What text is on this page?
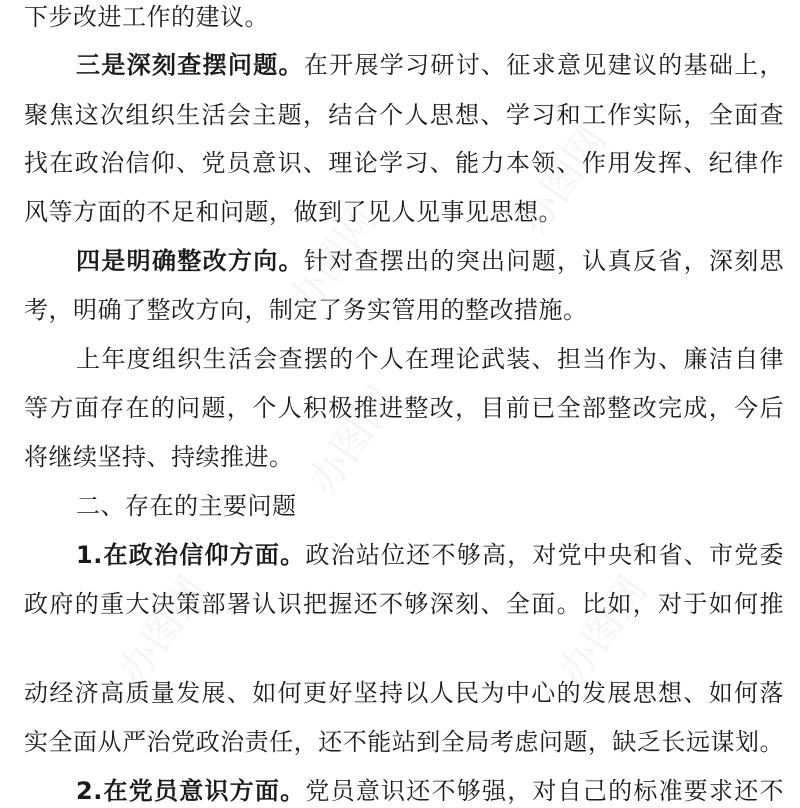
办图网
办图网
办图网
办图网
办图网
下步改进工作的建议。
三是深刻查摆问题。在开展学习研讨、征求意见建议的基础上，
聚焦这次组织生活会主题，结合个人思想、学习和工作实际，全面查
找在政治信仰、党员意识、理论学习、能力本领、作用发挥、纪律作
风等方面的不足和问题，做到了见人见事见思想。
四是明确整改方向。针对查摆出的突出问题，认真反省，深刻思
考，明确了整改方向，制定了务实管用的整改措施。
上年度组织生活会查摆的个人在理论武装、担当作为、廉洁自律
等方面存在的问题，个人积极推进整改，目前已全部整改完成，今后
将继续坚持、持续推进。
二、存在的主要问题
1.在政治信仰方面。政治站位还不够高，对党中央和省、市党委
政府的重大决策部署认识把握还不够深刻、全面。比如，对于如何推
动经济高质量发展、如何更好坚持以人民为中心的发展思想、如何落
实全面从严治党政治责任，还不能站到全局考虑问题，缺乏长远谋划。
2.在党员意识方面。党员意识还不够强，对自己的标准要求还不
